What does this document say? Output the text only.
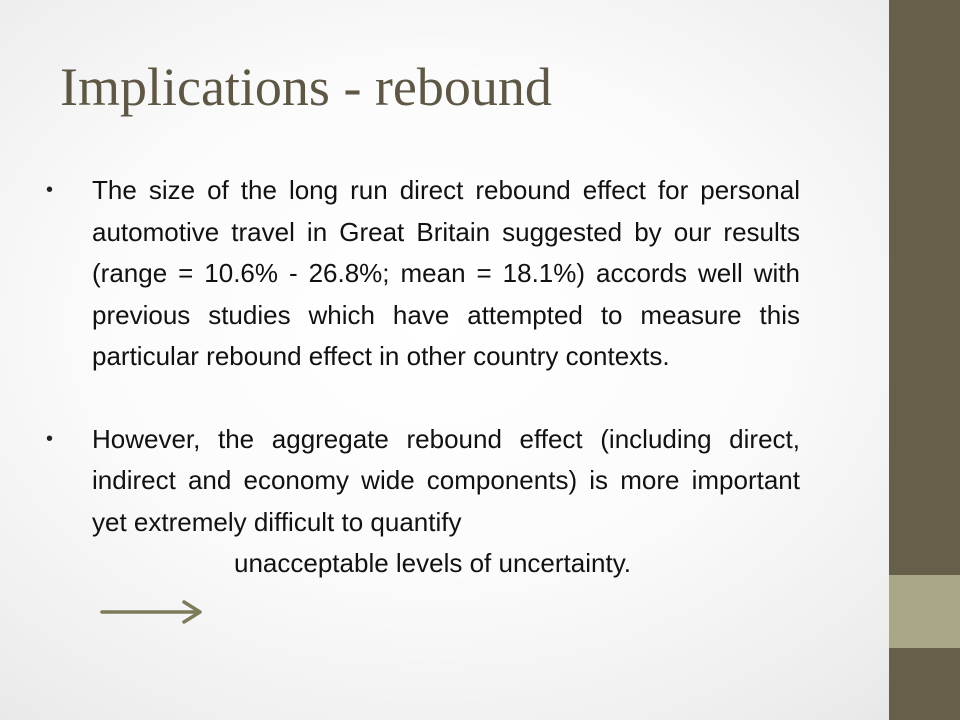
Implications - rebound
• The size of the long run direct rebound effect for personal automotive travel in Great Britain suggested by our results (range = 10.6% - 26.8%; mean = 18.1%) accords well with previous studies which have attempted to measure this particular rebound effect in other country contexts.
• However, the aggregate rebound effect (including direct, indirect and economy wide components) is more important yet extremely difficult to quantify
unacceptable levels of uncertainty.
